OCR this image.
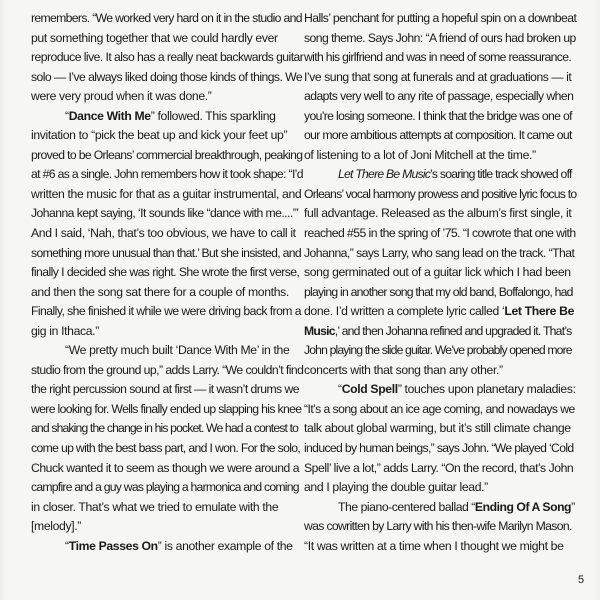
remembers. “We worked very hard on it in the studio and
put something together that we could hardly ever
reproduce live. It also has a really neat backwards guitar
solo — I’ve always liked doing those kinds of things. We
were very proud when it was done.”
“Dance With Me” followed. This sparkling
invitation to “pick the beat up and kick your feet up”
proved to be Orleans’ commercial breakthrough, peaking
at #6 as a single. John remembers how it took shape: “I’d
written the music for that as a guitar instrumental, and
Johanna kept saying, ‘It sounds like “dance with me....”’
And I said, ‘Nah, that’s too obvious, we have to call it
something more unusual than that.’ But she insisted, and
finally I decided she was right. She wrote the first verse,
and then the song sat there for a couple of months.
Finally, she finished it while we were driving back from a
gig in Ithaca.”
“We pretty much built ‘Dance With Me’ in the
studio from the ground up,” adds Larry. “We couldn’t find
the right percussion sound at first — it wasn’t drums we
were looking for. Wells finally ended up slapping his knee
and shaking the change in his pocket. We had a contest to
come up with the best bass part, and I won. For the solo,
Chuck wanted it to seem as though we were around a
campfire and a guy was playing a harmonica and coming
in closer. That’s what we tried to emulate with the
[melody].”
“Time Passes On” is another example of the
Halls’ penchant for putting a hopeful spin on a downbeat
song theme. Says John: “A friend of ours had broken up
with his girlfriend and was in need of some reassurance.
I’ve sung that song at funerals and at graduations — it
adapts very well to any rite of passage, especially when
you’re losing someone. I think that the bridge was one of
our more ambitious attempts at composition. It came out
of listening to a lot of Joni Mitchell at the time.”
Let There Be Music’s soaring title track showed off
Orleans’ vocal harmony prowess and positive lyric focus to
full advantage. Released as the album’s first single, it
reached #55 in the spring of ’75. “I cowrote that one with
Johanna,” says Larry, who sang lead on the track. “That
song germinated out of a guitar lick which I had been
playing in another song that my old band, Boffalongo, had
done. I’d written a complete lyric called ‘Let There Be
Music,’ and then Johanna refined and upgraded it. That’s
John playing the slide guitar. We’ve probably opened more
concerts with that song than any other.”
“Cold Spell” touches upon planetary maladies:
“It’s a song about an ice age coming, and nowadays we
talk about global warming, but it’s still climate change
induced by human beings,” says John. “We played ‘Cold
Spell’ live a lot,” adds Larry. “On the record, that’s John
and I playing the double guitar lead.”
The piano-centered ballad “Ending Of A Song”
was cowritten by Larry with his then-wife Marilyn Mason.
“It was written at a time when I thought we might be
5
